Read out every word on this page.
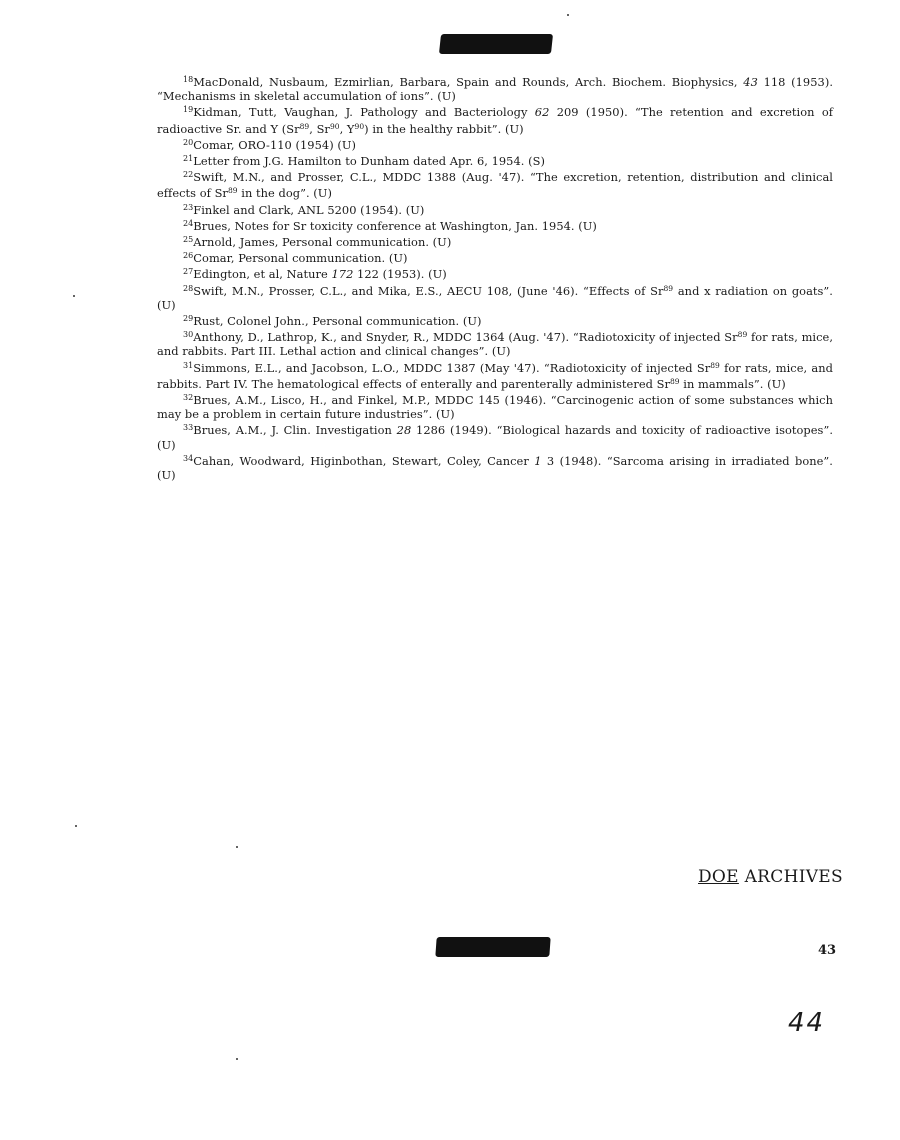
$^{18}$MacDonald, Nusbaum, Ezmirlian, Barbara, Spain and Rounds, Arch. Biochem. Biophysics, 43 118 (1953). “Mechanisms in skeletal accumulation of ions”. (U)

$^{19}$Kidman, Tutt, Vaughan, J. Pathology and Bacteriology 62 209 (1950). “The retention and excretion of radioactive Sr. and Y (Sr$^{89}$, Sr$^{90}$, $Y^{90}$) in the healthy rabbit”. (U)

$^{20}$Comar, ORO-110 (1954) (U)

$^{21}$Letter from J.G. Hamilton to Dunham dated Apr. 6, 1954. (S)

$^{22}$Swift, M.N., and Prosser, C.L., MDDC 1388 (Aug. '47). “The excretion, retention, distribution and clinical effects of Sr$^{89}$ in the dog”. (U)

$^{23}$Finkel and Clark, ANL 5200 (1954). (U)

$^{24}$Brues, Notes for Sr toxicity conference at Washington, Jan. 1954. (U)

$^{25}$Arnold, James, Personal communication. (U)

$^{26}$Comar, Personal communication. (U)

$^{27}$Edington, et al, Nature 172 122 (1953). (U)

$^{28}$Swift, M.N., Prosser, C.L., and Mika, E.S., AECU 108, (June '46). “Effects of Sr$^{89}$ and x radiation on goats”. (U)

$^{29}$Rust, Colonel John., Personal communication. (U)

$^{30}$Anthony, D., Lathrop, K., and Snyder, R., MDDC 1364 (Aug. '47). “Radiotoxicity of injected Sr$^{89}$ for rats, mice, and rabbits. Part III. Lethal action and clinical changes”. (U)

$^{31}$Simmons, E.L., and Jacobson, L.O., MDDC 1387 (May '47). “Radiotoxicity of injected Sr$^{89}$ for rats, mice, and rabbits. Part IV. The hematological effects of enterally and parenterally administered Sr$^{89}$ in mammals”. (U)

$^{32}$Brues, A.M., Lisco, H., and Finkel, M.P., MDDC 145 (1946). “Carcinogenic action of some substances which may be a problem in certain future industries”. (U)

$^{33}$Brues, A.M., J. Clin. Investigation 28 1286 (1949). “Biological hazards and toxicity of radioactive isotopes”. (U)

$^{34}$Cahan, Woodward, Higinbothan, Stewart, Coley, Cancer 1 3 (1948). “Sarcoma arising in irradiated bone”. (U)

DOE ARCHIVES
43
44
